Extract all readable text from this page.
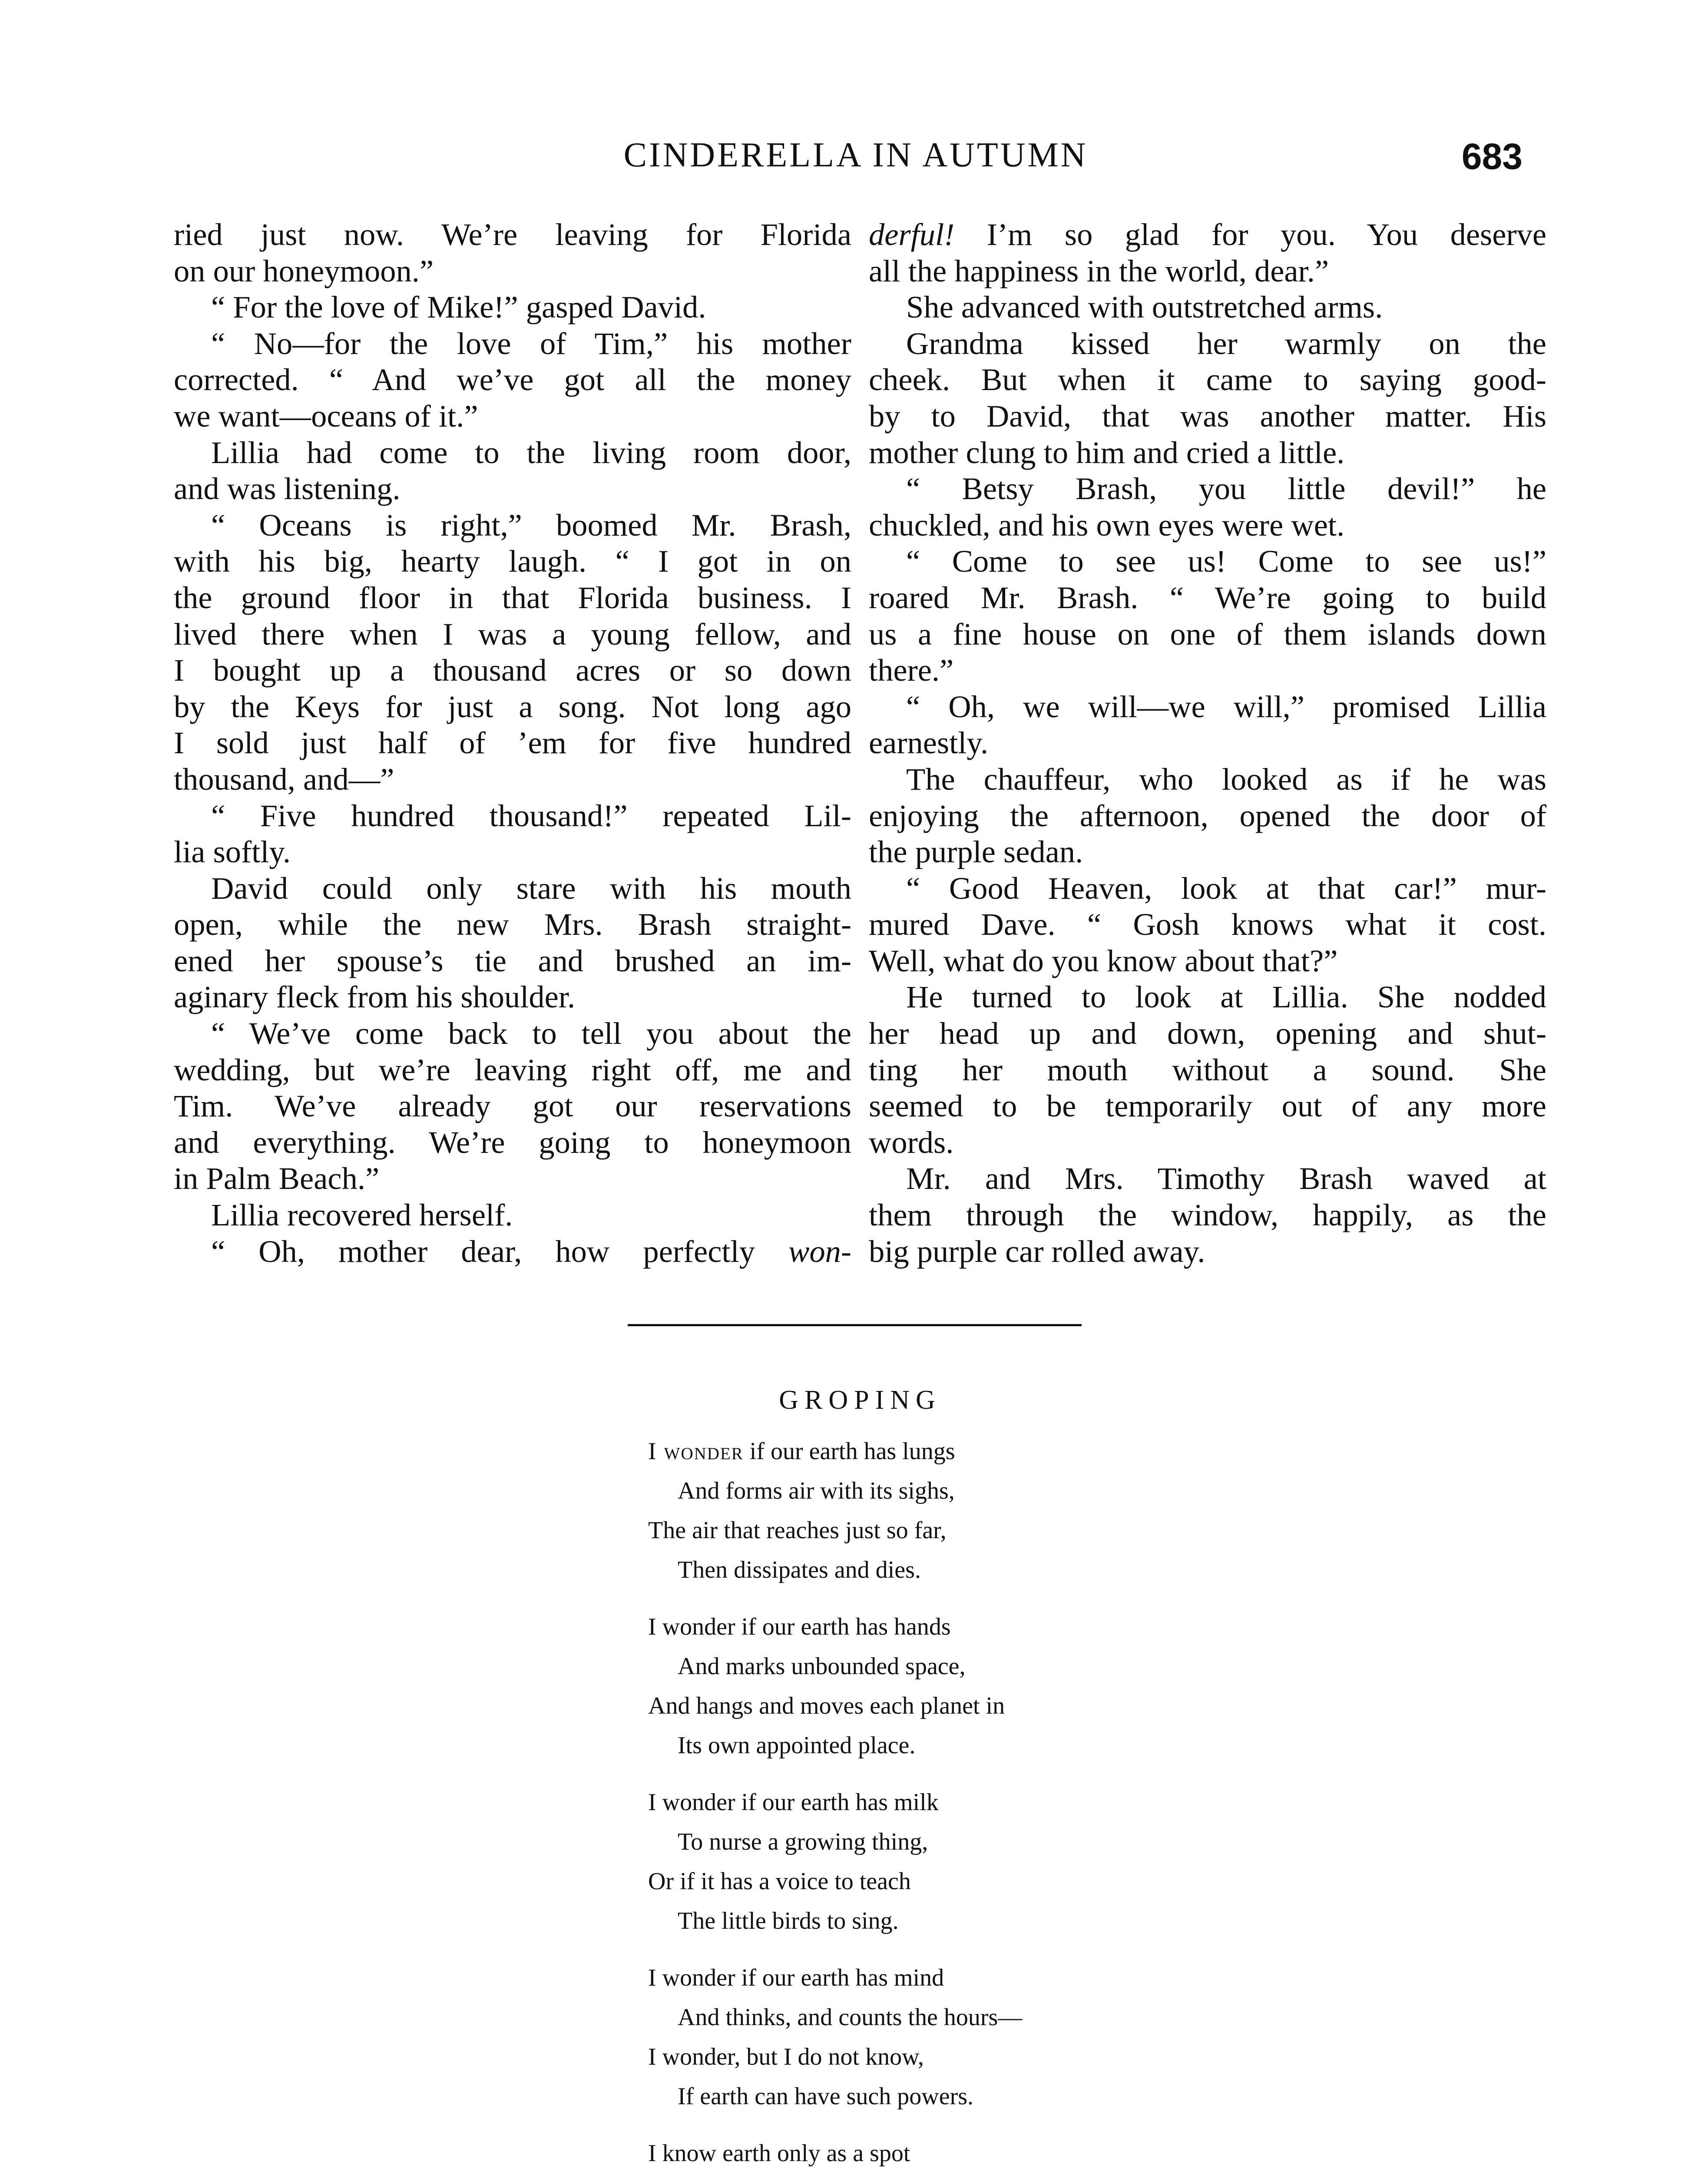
CINDERELLA IN AUTUMN	683
ried just now. We’re leaving for Florida
on our honeymoon.”
“ For the love of Mike!” gasped David.
“ No—for the love of Tim,” his mother
corrected. “ And we’ve got all the money
we want—oceans of it.”
Lillia had come to the living room door,
and was listening.
“ Oceans is right,” boomed Mr. Brash,
with his big, hearty laugh. “ I got in on
the ground floor in that Florida business. I
lived there when I was a young fellow, and
I bought up a thousand acres or so down
by the Keys for just a song. Not long ago
I sold just half of ’em for five hundred
thousand, and—”
“ Five hundred thousand!” repeated Lil-
lia softly.
David could only stare with his mouth
open, while the new Mrs. Brash straight-
ened her spouse’s tie and brushed an im-
aginary fleck from his shoulder.
“ We’ve come back to tell you about the
wedding, but we’re leaving right off, me and
Tim. We’ve already got our reservations
and everything. We’re going to honeymoon
in Palm Beach.”
Lillia recovered herself.
“ Oh, mother dear, how perfectly won-
derful! I’m so glad for you. You deserve
all the happiness in the world, dear.”
She advanced with outstretched arms.
Grandma kissed her warmly on the
cheek. But when it came to saying good-
by to David, that was another matter. His
mother clung to him and cried a little.
“ Betsy Brash, you little devil!” he
chuckled, and his own eyes were wet.
“ Come to see us! Come to see us!”
roared Mr. Brash. “ We’re going to build
us a fine house on one of them islands down
there.”
“ Oh, we will—we will,” promised Lillia
earnestly.
The chauffeur, who looked as if he was
enjoying the afternoon, opened the door of
the purple sedan.
“ Good Heaven, look at that car!” mur-
mured Dave. “ Gosh knows what it cost.
Well, what do you know about that?”
He turned to look at Lillia. She nodded
her head up and down, opening and shut-
ting her mouth without a sound. She
seemed to be temporarily out of any more
words.
Mr. and Mrs. Timothy Brash waved at
them through the window, happily, as the
big purple car rolled away.
GROPING
I wonder if our earth has lungs
And forms air with its sighs,
The air that reaches just so far,
Then dissipates and dies.
I wonder if our earth has hands
And marks unbounded space,
And hangs and moves each planet in
Its own appointed place.
I wonder if our earth has milk
To nurse a growing thing,
Or if it has a voice to teach
The little birds to sing.
I wonder if our earth has mind
And thinks, and counts the hours—
I wonder, but I do not know,
If earth can have such powers.
I know earth only as a spot
